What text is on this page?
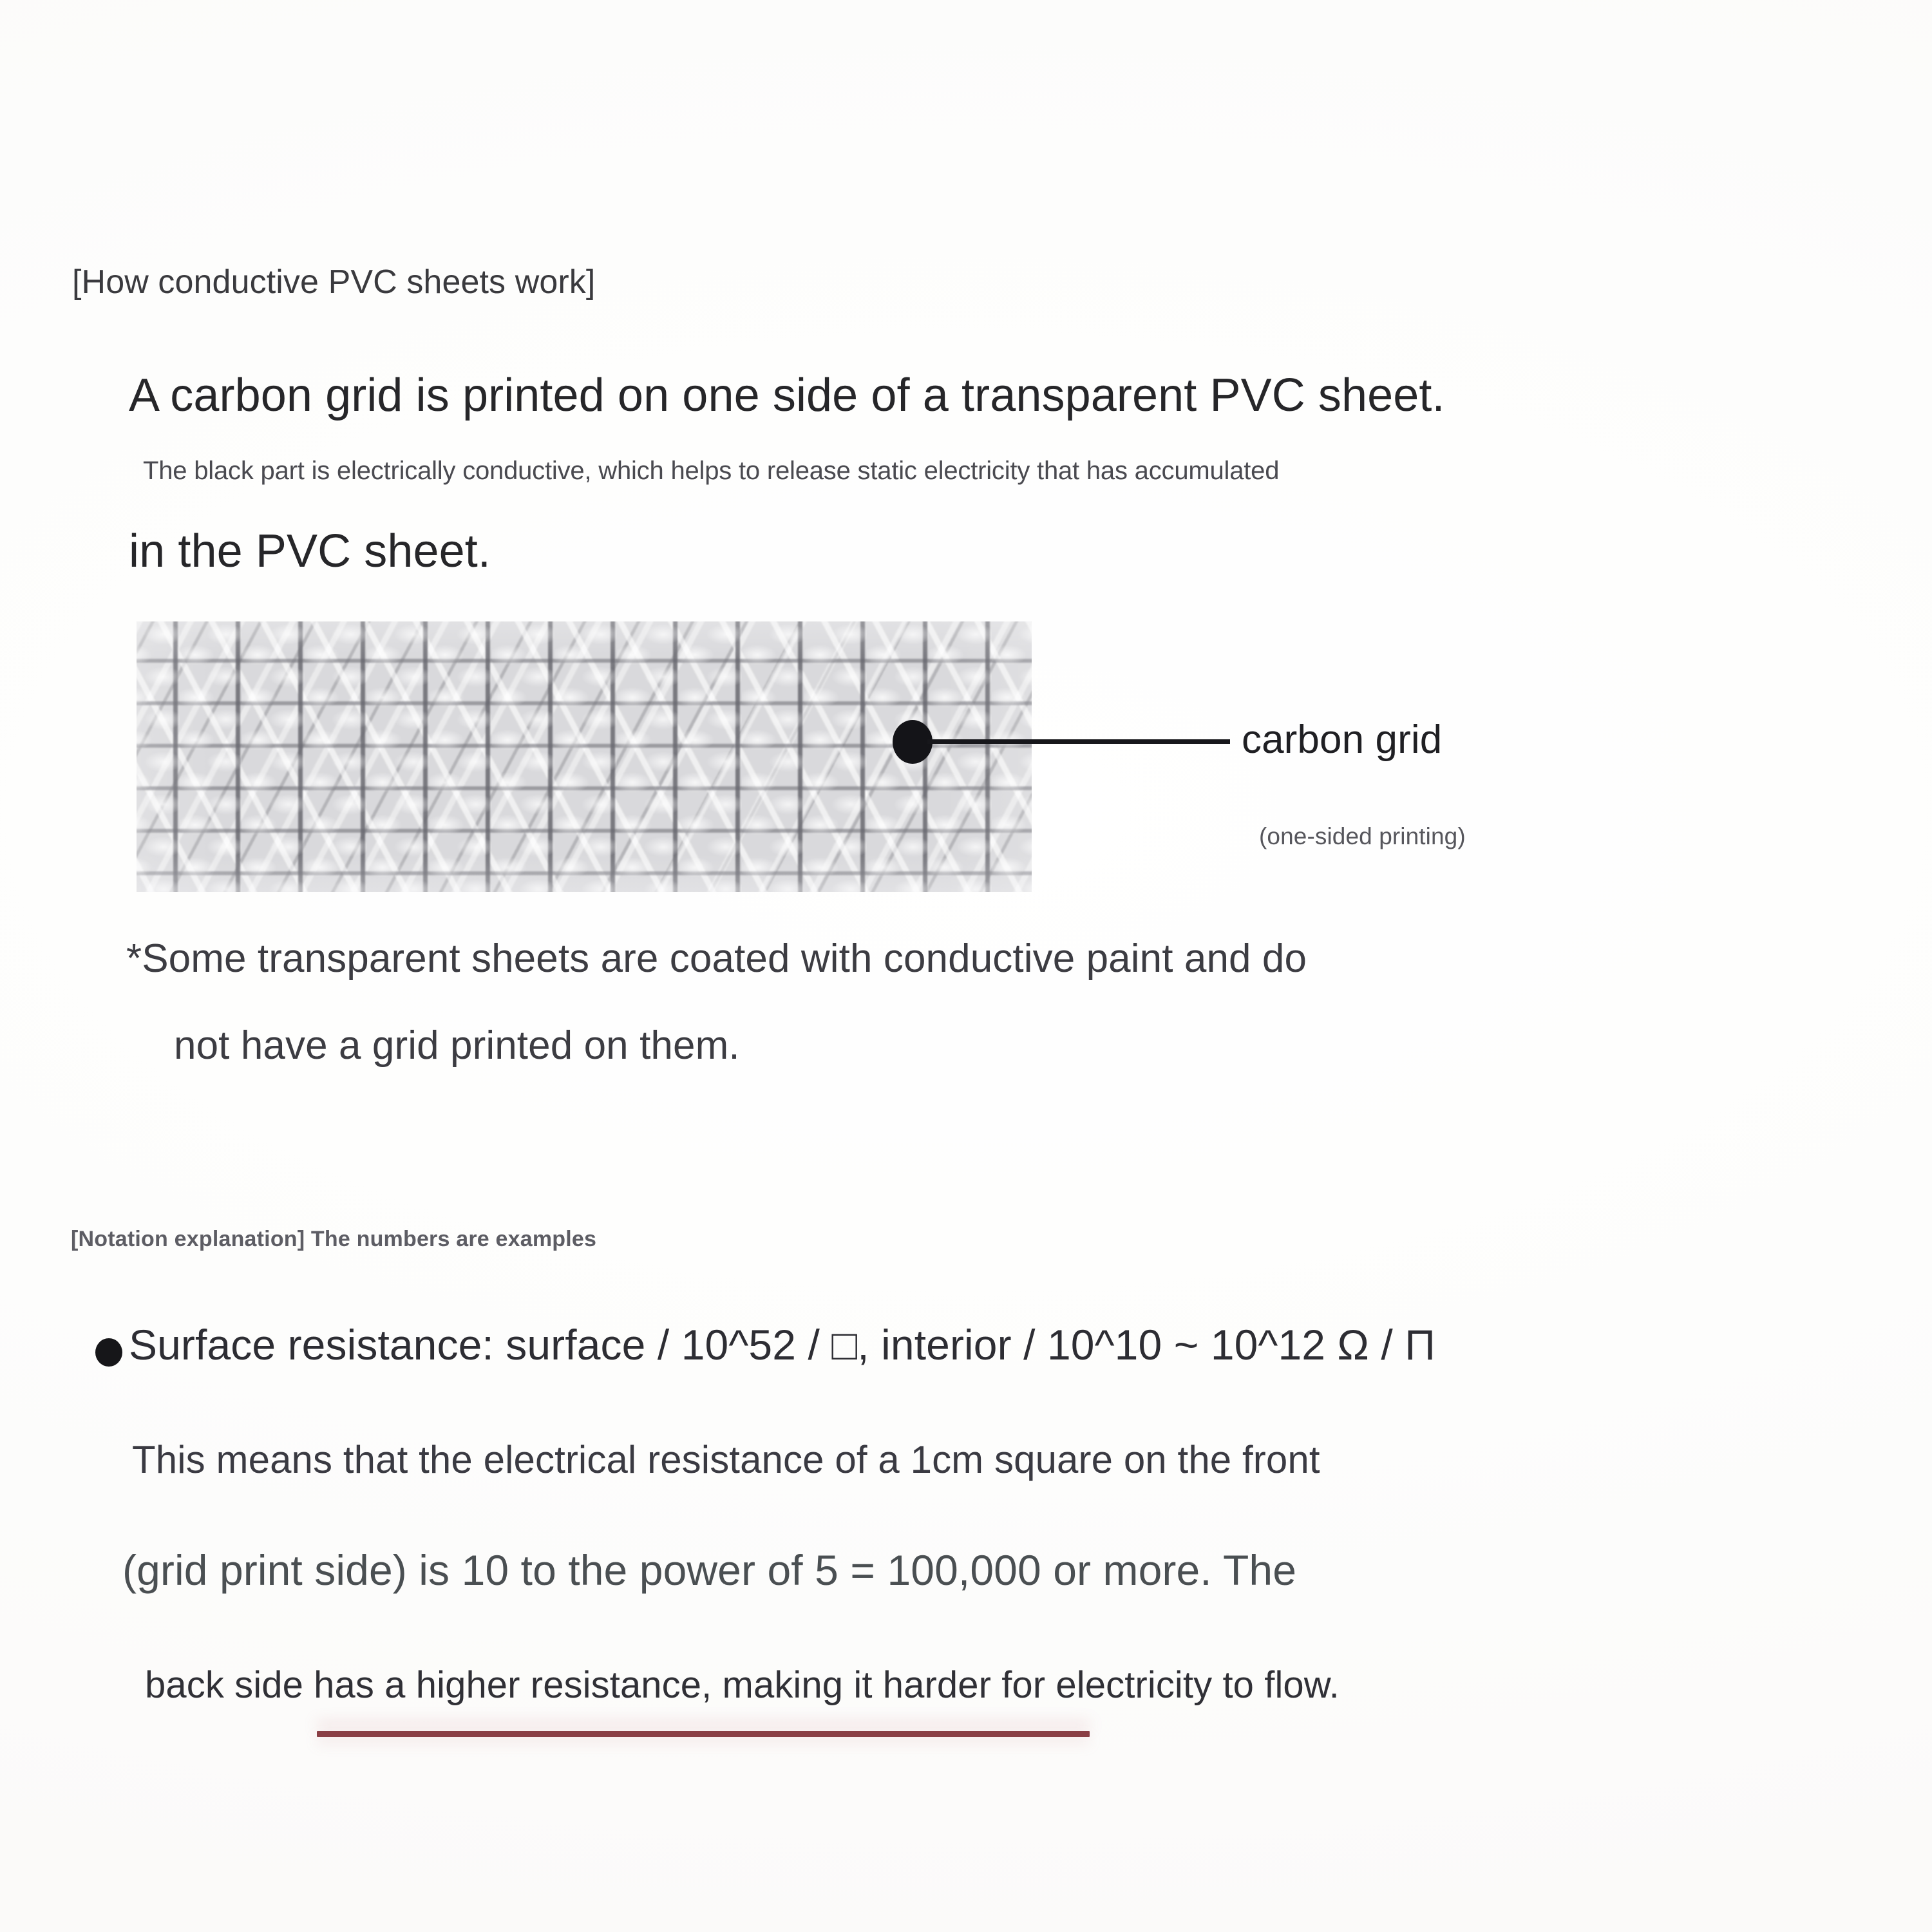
[How conductive PVC sheets work]
A carbon grid is printed on one side of a transparent PVC sheet.
The black part is electrically conductive, which helps to release static electricity that has accumulated
in the PVC sheet.
carbon grid
(one-sided printing)
*Some transparent sheets are coated with conductive paint and do
not have a grid printed on them.
[Notation explanation] The numbers are examples
Surface resistance: surface / 10^52 / □, interior / 10^10 ~ 10^12 Ω / Π
This means that the electrical resistance of a 1cm square on the front
(grid print side) is 10 to the power of 5 = 100,000 or more. The
back side has a higher resistance, making it harder for electricity to flow.
